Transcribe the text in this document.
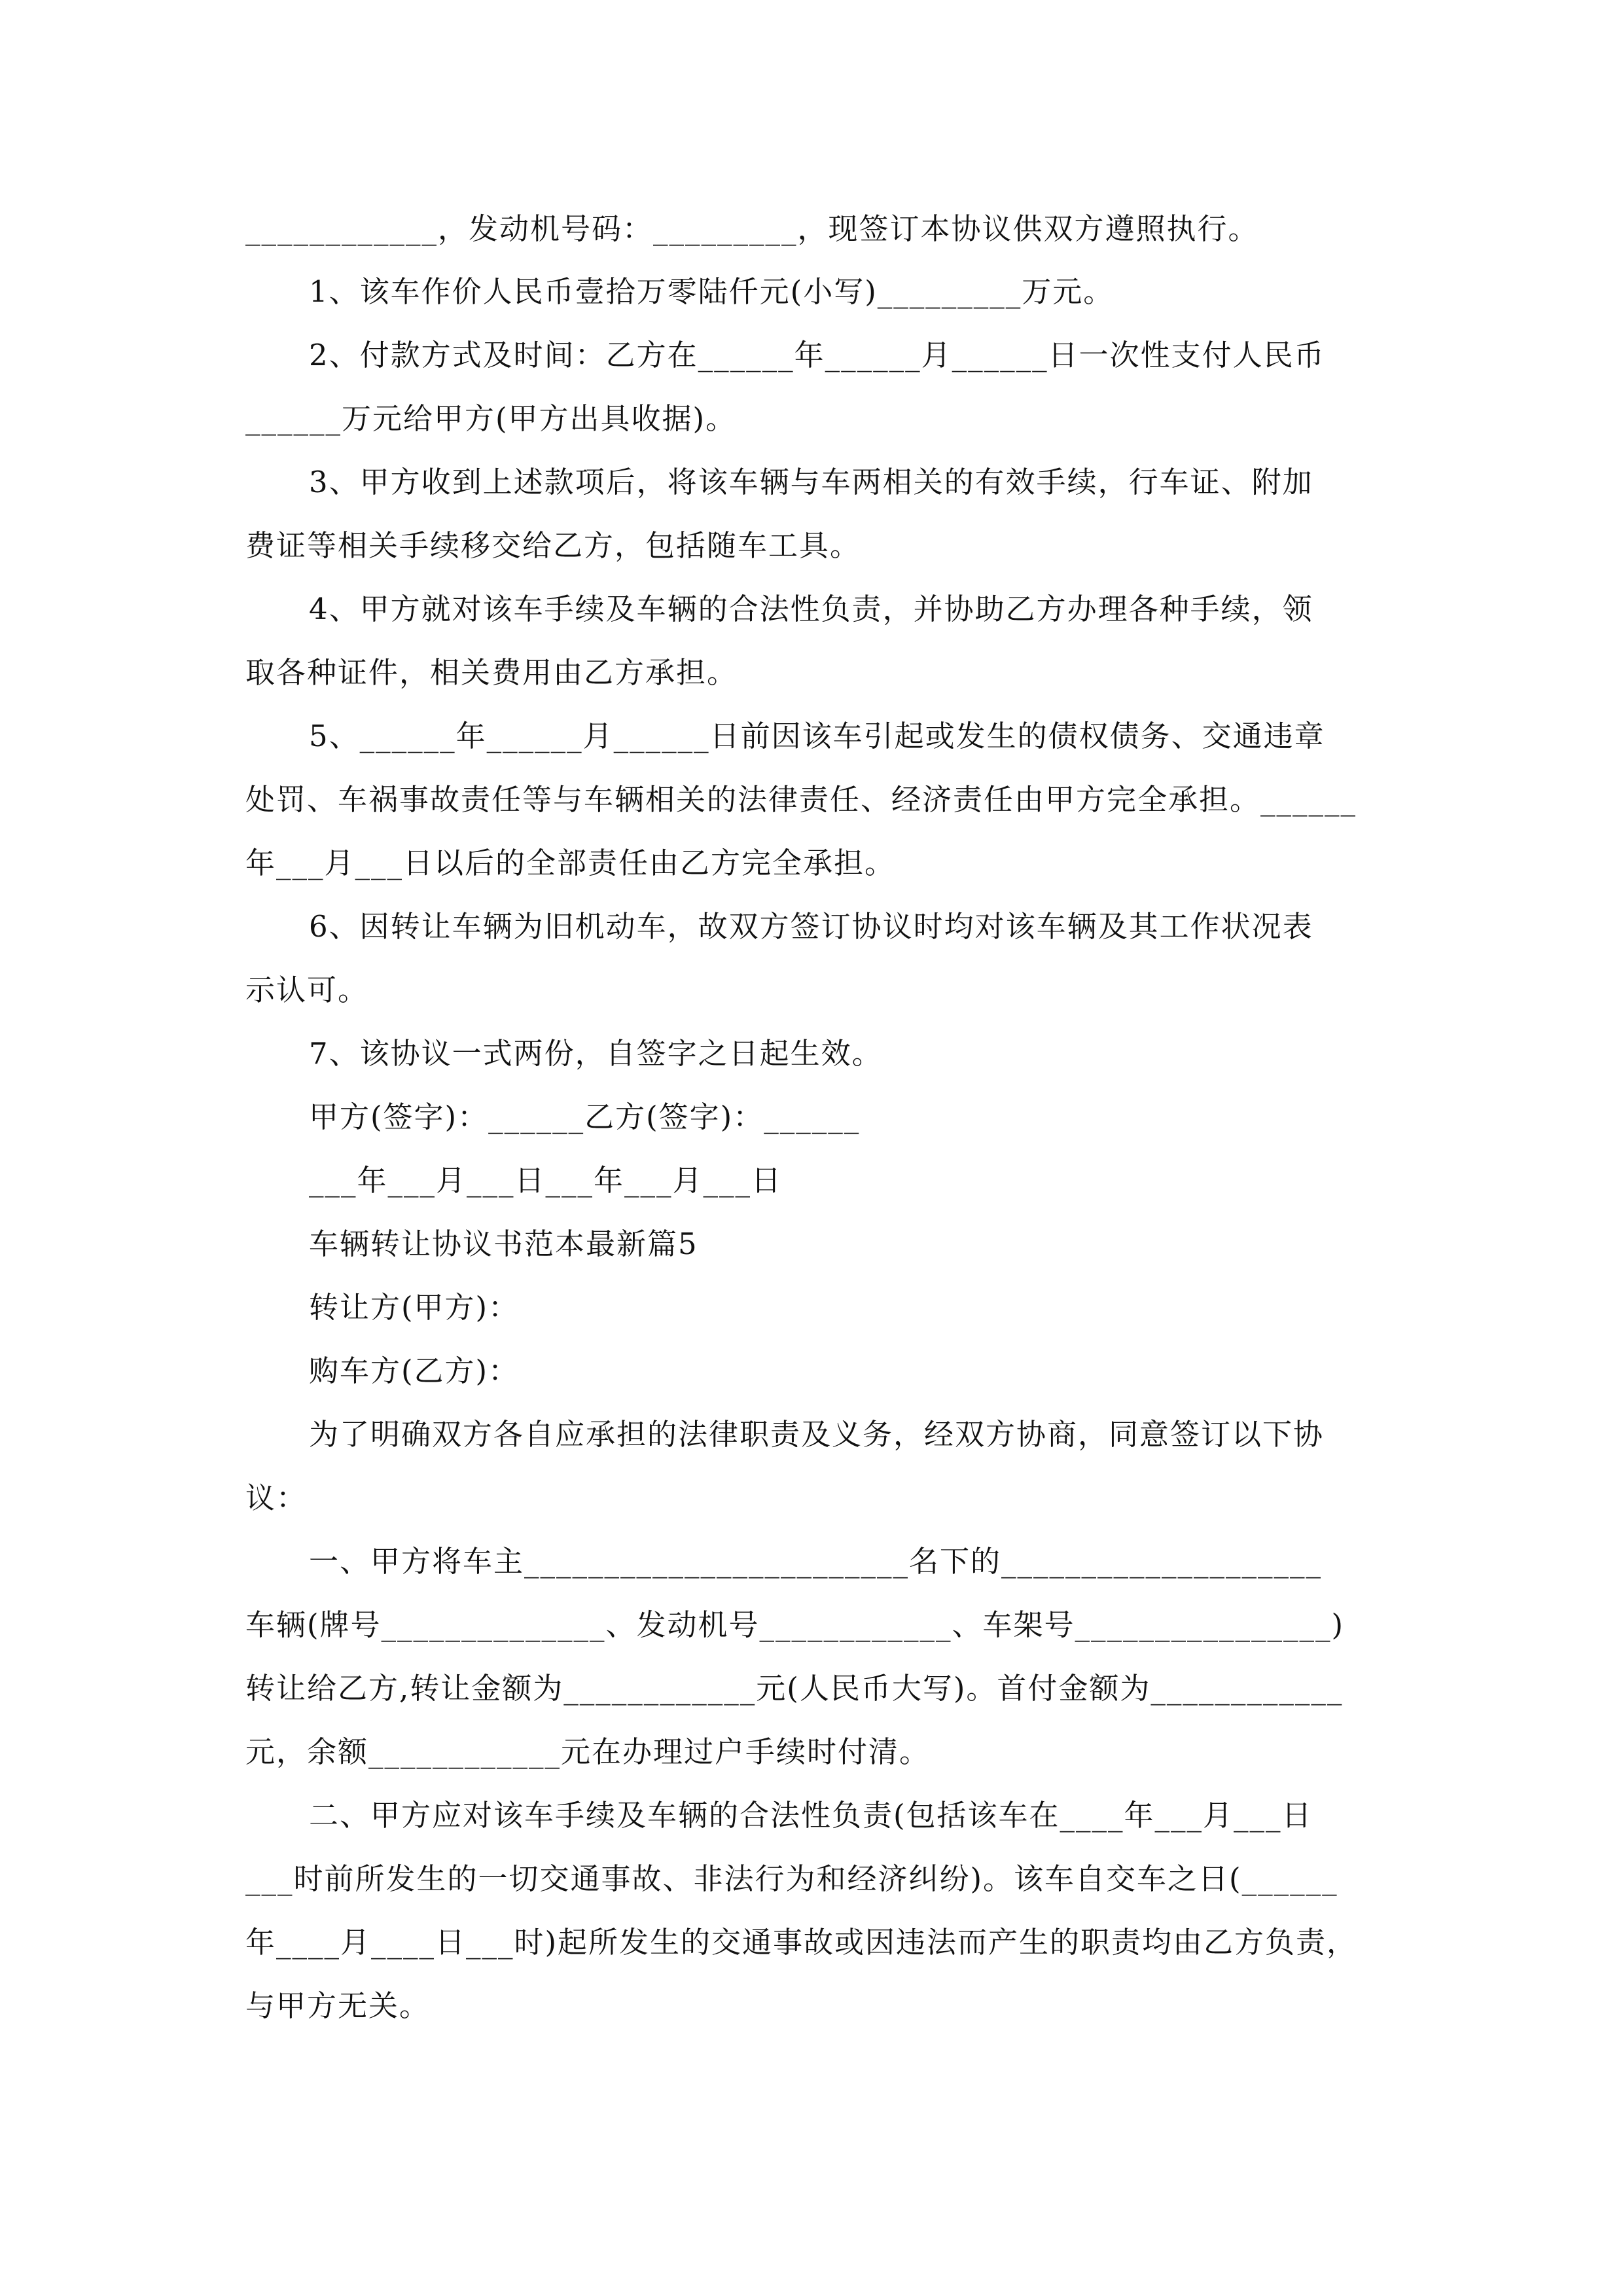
____________，发动机号码：_________，现签订本协议供双方遵照执行。
1、该车作价人民币壹拾万零陆仟元(小写)_________万元。
2、付款方式及时间：乙方在______年______月______日一次性支付人民币
______万元给甲方(甲方出具收据)。
3、甲方收到上述款项后，将该车辆与车两相关的有效手续，行车证、附加
费证等相关手续移交给乙方，包括随车工具。
4、甲方就对该车手续及车辆的合法性负责，并协助乙方办理各种手续，领
取各种证件，相关费用由乙方承担。
5、______年______月______日前因该车引起或发生的债权债务、交通违章
处罚、车祸事故责任等与车辆相关的法律责任、经济责任由甲方完全承担。______
年___月___日以后的全部责任由乙方完全承担。
6、因转让车辆为旧机动车，故双方签订协议时均对该车辆及其工作状况表
示认可。
7、该协议一式两份，自签字之日起生效。
甲方(签字)：______乙方(签字)：______
___年___月___日___年___月___日
车辆转让协议书范本最新篇5
转让方(甲方)：
购车方(乙方)：
为了明确双方各自应承担的法律职责及义务，经双方协商，同意签订以下协
议：
一、甲方将车主________________________名下的____________________
车辆(牌号______________、发动机号____________、车架号________________)
转让给乙方,转让金额为____________元(人民币大写)。首付金额为____________
元，余额____________元在办理过户手续时付清。
二、甲方应对该车手续及车辆的合法性负责(包括该车在____年___月___日
___时前所发生的一切交通事故、非法行为和经济纠纷)。该车自交车之日(______
年____月____日___时)起所发生的交通事故或因违法而产生的职责均由乙方负责，
与甲方无关。
